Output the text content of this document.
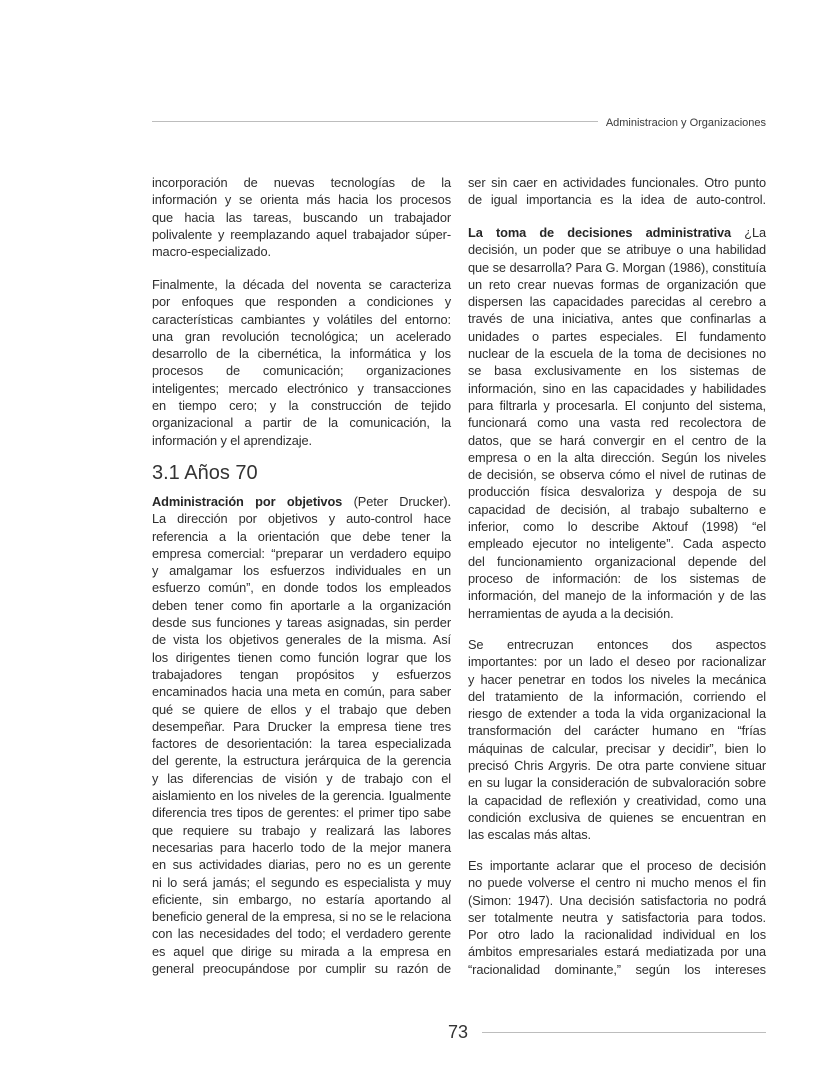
Administracion y Organizaciones
incorporación de nuevas tecnologías de la
información y se orienta más hacia los procesos
que hacia las tareas, buscando un trabajador
polivalente y reemplazando aquel trabajador súper-
macro-especializado.
Finalmente, la década del noventa se caracteriza
por enfoques que responden a condiciones y
características cambiantes y volátiles del entorno:
una gran revolución tecnológica; un acelerado
desarrollo de la cibernética, la informática y los
procesos de comunicación; organizaciones
inteligentes; mercado electrónico y transacciones
en tiempo cero; y la construcción de tejido
organizacional a partir de la comunicación, la
información y el aprendizaje.
3.1 Años 70
Administración por objetivos (Peter Drucker).
La dirección por objetivos y auto-control hace
referencia a la orientación que debe tener la
empresa comercial: “preparar un verdadero equipo
y amalgamar los esfuerzos individuales en un
esfuerzo común”, en donde todos los empleados
deben tener como fin aportarle a la organización
desde sus funciones y tareas asignadas, sin perder
de vista los objetivos generales de la misma. Así
los dirigentes tienen como función lograr que los
trabajadores tengan propósitos y esfuerzos
encaminados hacia una meta en común, para saber
qué se quiere de ellos y el trabajo que deben
desempeñar. Para Drucker la empresa tiene tres
factores de desorientación: la tarea especializada
del gerente, la estructura jerárquica de la gerencia
y las diferencias de visión y de trabajo con el
aislamiento en los niveles de la gerencia. Igualmente
diferencia tres tipos de gerentes: el primer tipo sabe
que requiere su trabajo y realizará las labores
necesarias para hacerlo todo de la mejor manera
en sus actividades diarias, pero no es un gerente
ni lo será jamás; el segundo es especialista y muy
eficiente, sin embargo, no estaría aportando al
beneficio general de la empresa, si no se le relaciona
con las necesidades del todo; el verdadero gerente
es aquel que dirige su mirada a la empresa en
general preocupándose por cumplir su razón de
ser sin caer en actividades funcionales. Otro punto
de igual importancia es la idea de auto-control.
La toma de decisiones administrativa ¿La
decisión, un poder que se atribuye o una habilidad
que se desarrolla? Para G. Morgan (1986), constituía
un reto crear nuevas formas de organización que
dispersen las capacidades parecidas al cerebro a
través de una iniciativa, antes que confinarlas a
unidades o partes especiales. El fundamento
nuclear de la escuela de la toma de decisiones no
se basa exclusivamente en los sistemas de
información, sino en las capacidades y habilidades
para filtrarla y procesarla. El conjunto del sistema,
funcionará como una vasta red recolectora de
datos, que se hará convergir en el centro de la
empresa o en la alta dirección. Según los niveles
de decisión, se observa cómo el nivel de rutinas de
producción física desvaloriza y despoja de su
capacidad de decisión, al trabajo subalterno e
inferior, como lo describe Aktouf (1998) “el
empleado ejecutor no inteligente”. Cada aspecto
del funcionamiento organizacional depende del
proceso de información: de los sistemas de
información, del manejo de la información y de las
herramientas de ayuda a la decisión.
Se entrecruzan entonces dos aspectos
importantes: por un lado el deseo por racionalizar
y hacer penetrar en todos los niveles la mecánica
del tratamiento de la información, corriendo el
riesgo de extender a toda la vida organizacional la
transformación del carácter humano en “frías
máquinas de calcular, precisar y decidir”, bien lo
precisó Chris Argyris. De otra parte conviene situar
en su lugar la consideración de subvaloración sobre
la capacidad de reflexión y creatividad, como una
condición exclusiva de quienes se encuentran en
las escalas más altas.
Es importante aclarar que el proceso de decisión
no puede volverse el centro ni mucho menos el fin
(Simon: 1947). Una decisión satisfactoria no podrá
ser totalmente neutra y satisfactoria para todos.
Por otro lado la racionalidad individual en los
ámbitos empresariales estará mediatizada por una
“racionalidad dominante,” según los intereses
73
